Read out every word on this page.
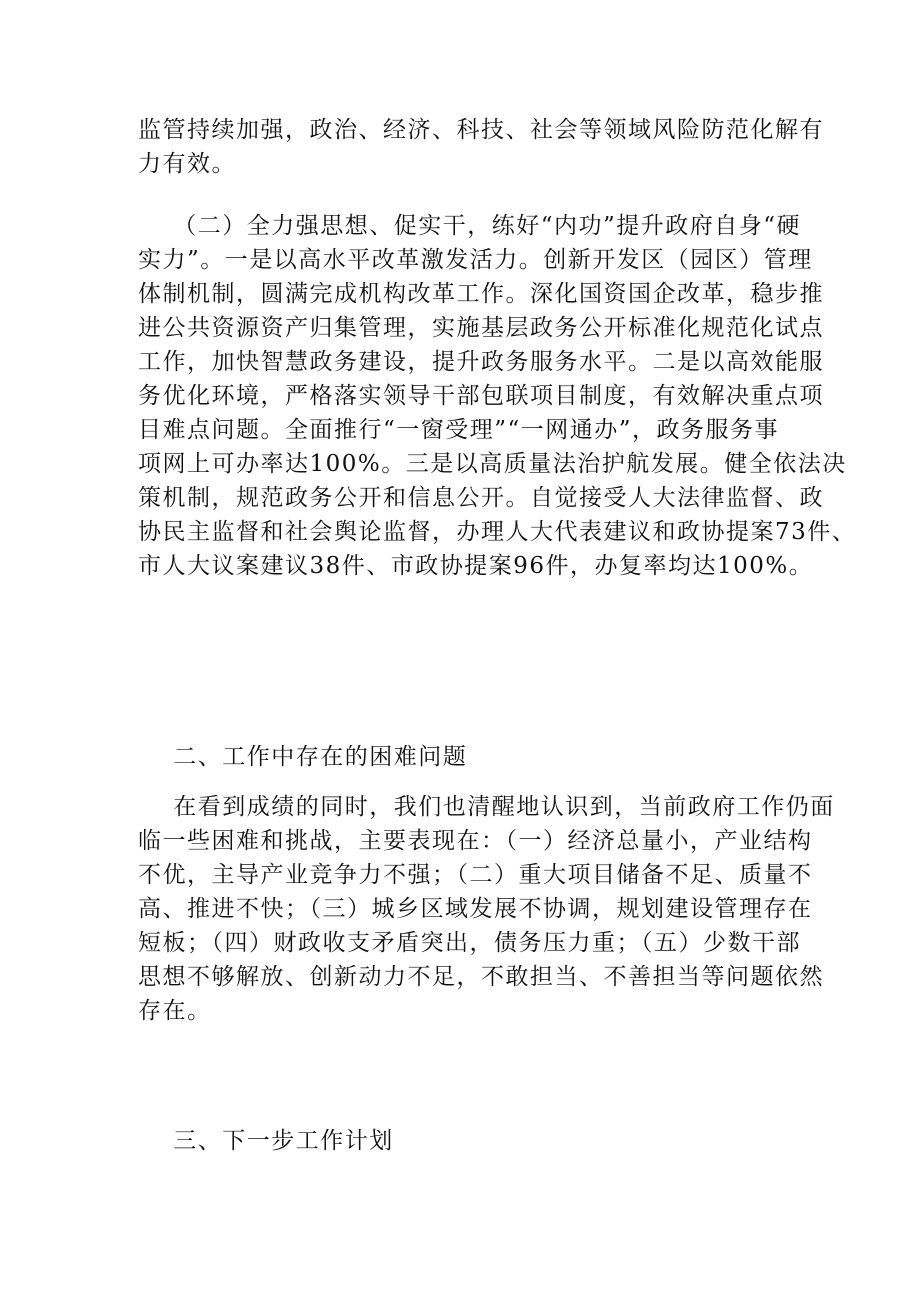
监管持续加强，政治、经济、科技、社会等领域风险防范化解有
力有效。
（二）全力强思想、促实干，练好“内功”提升政府自身“硬
实力”。一是以高水平改革激发活力。创新开发区（园区）管理
体制机制，圆满完成机构改革工作。深化国资国企改革，稳步推
进公共资源资产归集管理，实施基层政务公开标准化规范化试点
工作，加快智慧政务建设，提升政务服务水平。二是以高效能服
务优化环境，严格落实领导干部包联项目制度，有效解决重点项
目难点问题。全面推行“一窗受理”“一网通办”，政务服务事
项网上可办率达100%。三是以高质量法治护航发展。健全依法决
策机制，规范政务公开和信息公开。自觉接受人大法律监督、政
协民主监督和社会舆论监督，办理人大代表建议和政协提案73件、
市人大议案建议38件、市政协提案96件，办复率均达100%。
二、工作中存在的困难问题
在看到成绩的同时，我们也清醒地认识到，当前政府工作仍面
临一些困难和挑战，主要表现在：（一）经济总量小，产业结构
不优，主导产业竞争力不强；（二）重大项目储备不足、质量不
高、推进不快；（三）城乡区域发展不协调，规划建设管理存在
短板；（四）财政收支矛盾突出，债务压力重；（五）少数干部
思想不够解放、创新动力不足，不敢担当、不善担当等问题依然
存在。
三、下一步工作计划
